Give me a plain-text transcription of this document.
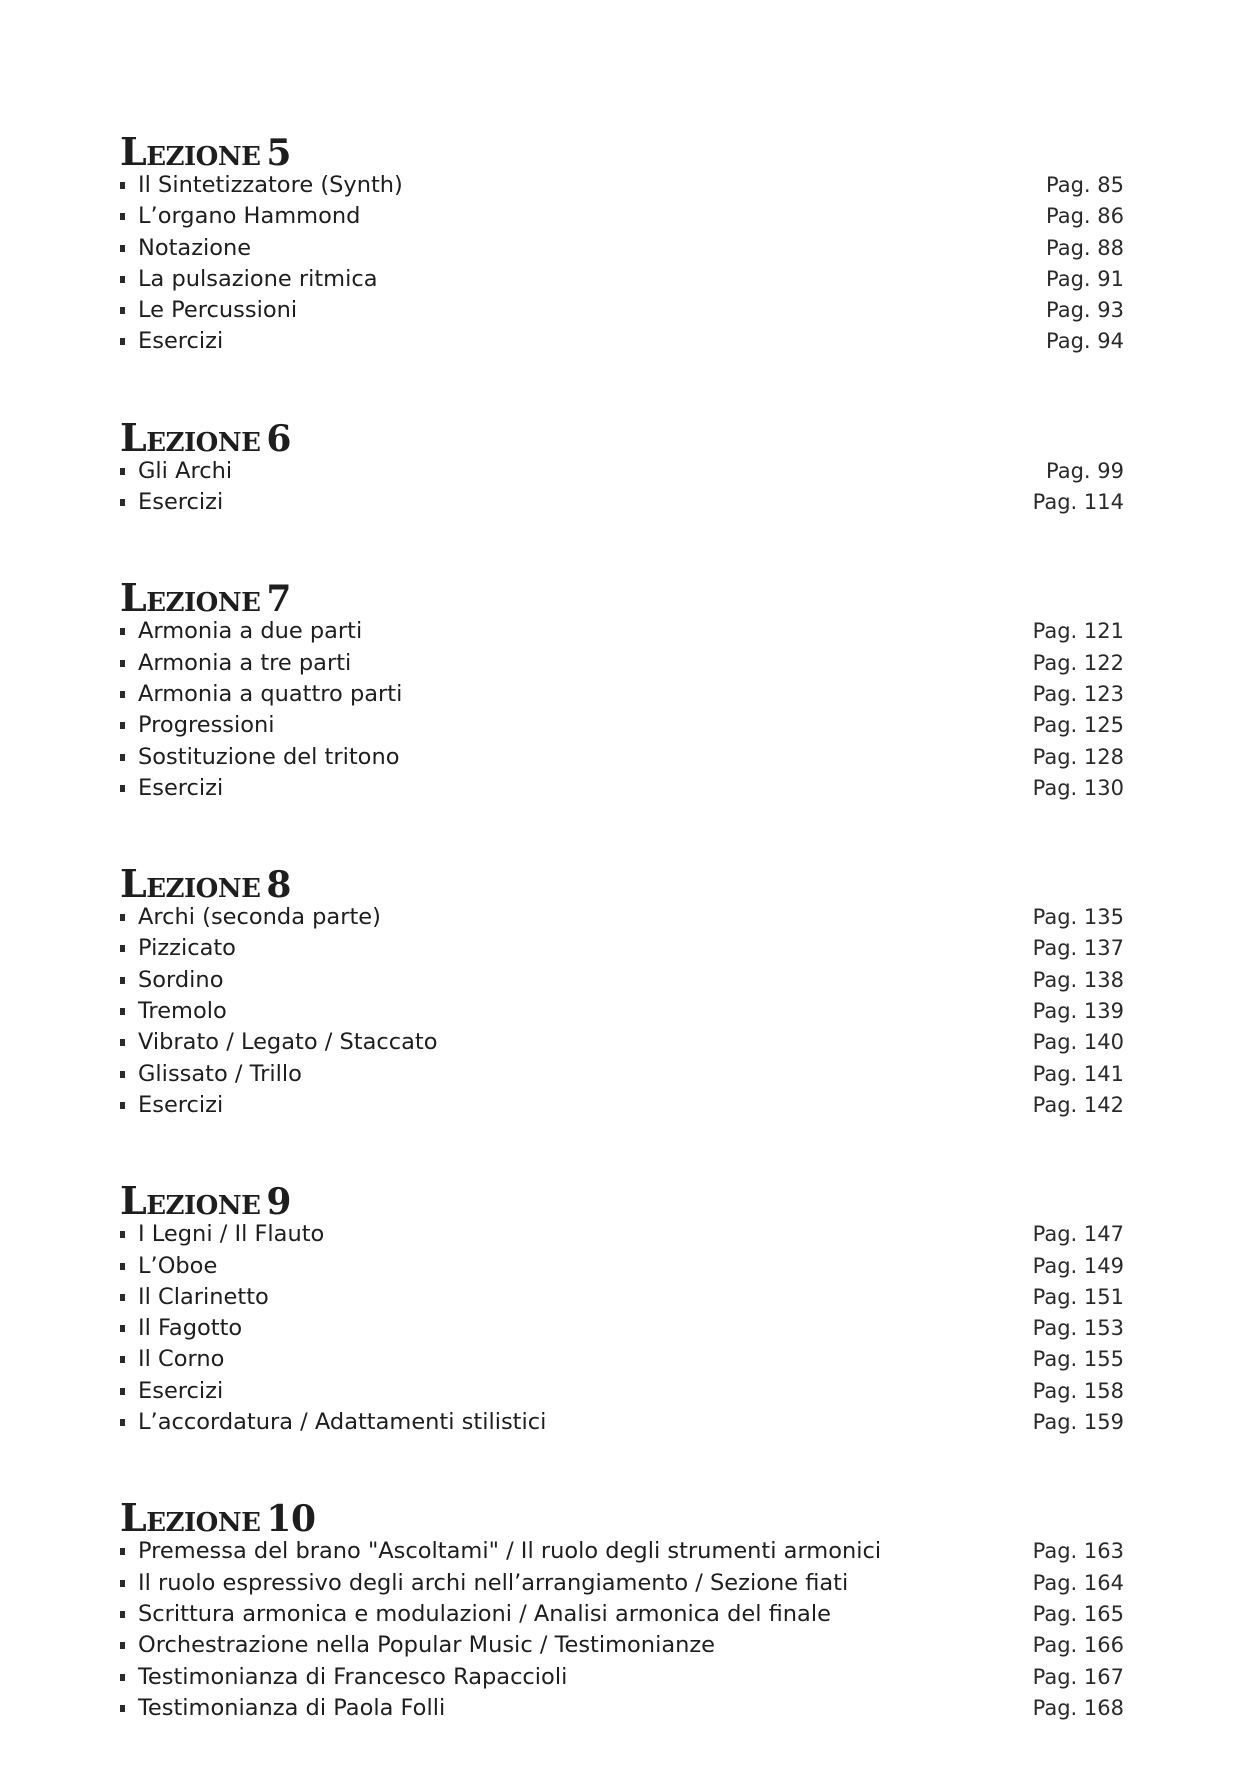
Lezione 5
Il Sintetizzatore (Synth)	Pag. 85
L’organo Hammond	Pag. 86
Notazione	Pag. 88
La pulsazione ritmica	Pag. 91
Le Percussioni	Pag. 93
Esercizi	Pag. 94
Lezione 6
Gli Archi	Pag. 99
Esercizi	Pag. 114
Lezione 7
Armonia a due parti	Pag. 121
Armonia a tre parti	Pag. 122
Armonia a quattro parti	Pag. 123
Progressioni	Pag. 125
Sostituzione del tritono	Pag. 128
Esercizi	Pag. 130
Lezione 8
Archi (seconda parte)	Pag. 135
Pizzicato	Pag. 137
Sordino	Pag. 138
Tremolo	Pag. 139
Vibrato / Legato / Staccato	Pag. 140
Glissato / Trillo	Pag. 141
Esercizi	Pag. 142
Lezione 9
I Legni / Il Flauto	Pag. 147
L’Oboe	Pag. 149
Il Clarinetto	Pag. 151
Il Fagotto	Pag. 153
Il Corno	Pag. 155
Esercizi	Pag. 158
L’accordatura / Adattamenti stilistici	Pag. 159
Lezione 10
Premessa del brano "Ascoltami" / Il ruolo degli strumenti armonici	Pag. 163
Il ruolo espressivo degli archi nell’arrangiamento / Sezione fiati	Pag. 164
Scrittura armonica e modulazioni / Analisi armonica del finale	Pag. 165
Orchestrazione nella Popular Music / Testimonianze	Pag. 166
Testimonianza di Francesco Rapaccioli	Pag. 167
Testimonianza di Paola Folli	Pag. 168
